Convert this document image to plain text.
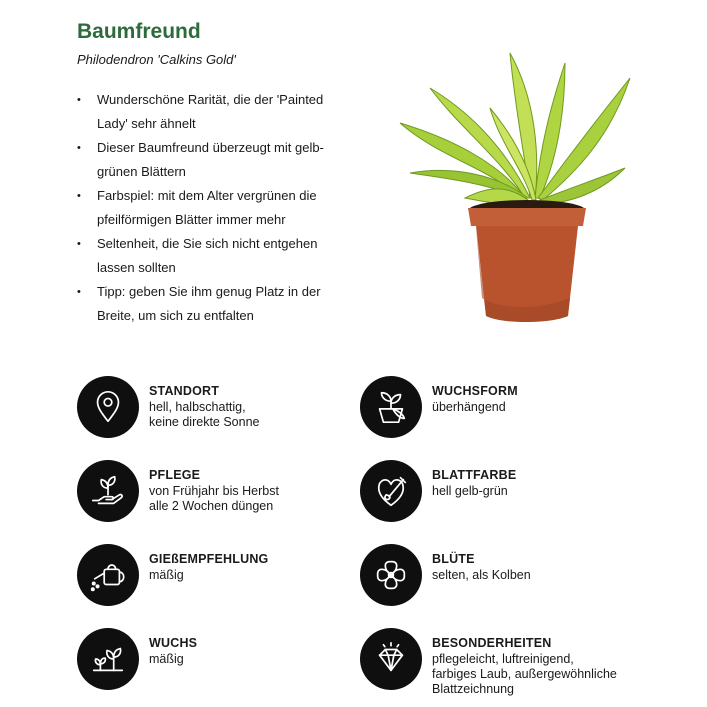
Baumfreund
Philodendron 'Calkins Gold'
• Wunderschöne Rarität, die der 'Painted Lady' sehr ähnelt
• Dieser Baumfreund überzeugt mit gelb-grünen Blättern
• Farbspiel: mit dem Alter vergrünen die pfeilförmigen Blätter immer mehr
• Seltenheit, die Sie sich nicht entgehen lassen sollten
• Tipp: geben Sie ihm genug Platz in der Breite, um sich zu entfalten
STANDORT
hell, halbschattig,
keine direkte Sonne
PFLEGE
von Frühjahr bis Herbst
alle 2 Wochen düngen
GIEßEMPFEHLUNG
mäßig
WUCHS
mäßig
WUCHSFORM
überhängend
BLATTFARBE
hell gelb-grün
BLÜTE
selten, als Kolben
BESONDERHEITEN
pflegeleicht, luftreinigend,
farbiges Laub, außergewöhnliche
Blattzeichnung
